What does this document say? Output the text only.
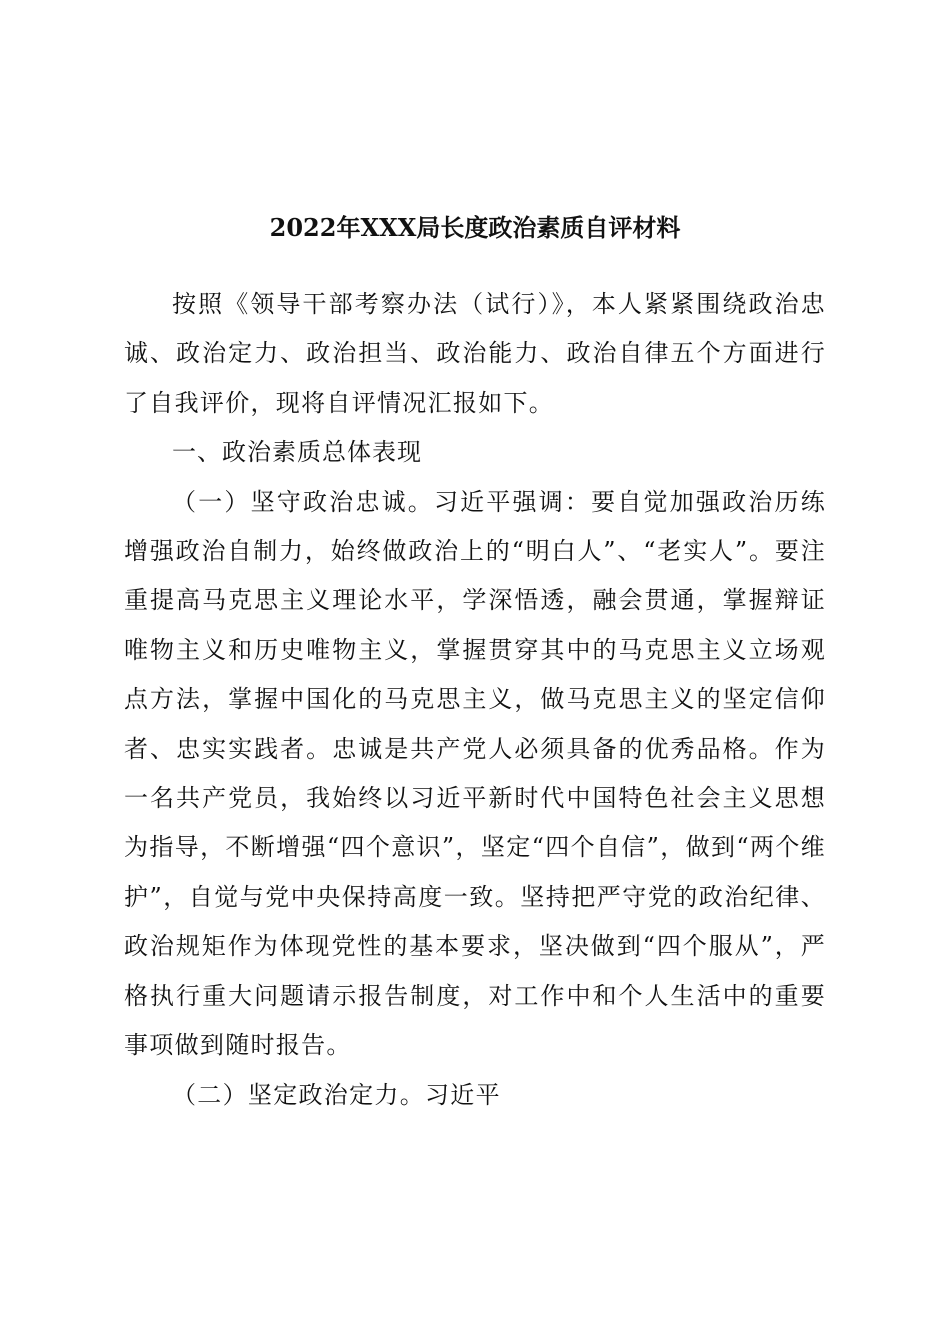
2022年XXX局长度政治素质自评材料

按照《领导干部考察办法（试行）》，本人紧紧围绕政治忠诚、政治定力、政治担当、政治能力、政治自律五个方面进行了自我评价，现将自评情况汇报如下。

一、政治素质总体表现

（一）坚守政治忠诚。习近平强调：要自觉加强政治历练增强政治自制力，始终做政治上的“明白人”、“老实人”。要注重提高马克思主义理论水平，学深悟透，融会贯通，掌握辩证唯物主义和历史唯物主义，掌握贯穿其中的马克思主义立场观点方法，掌握中国化的马克思主义，做马克思主义的坚定信仰者、忠实实践者。忠诚是共产党人必须具备的优秀品格。作为一名共产党员，我始终以习近平新时代中国特色社会主义思想为指导，不断增强“四个意识”，坚定“四个自信”，做到“两个维护”，自觉与党中央保持高度一致。坚持把严守党的政治纪律、政治规矩作为体现党性的基本要求，坚决做到“四个服从”，严格执行重大问题请示报告制度，对工作中和个人生活中的重要事项做到随时报告。

（二）坚定政治定力。习近平
